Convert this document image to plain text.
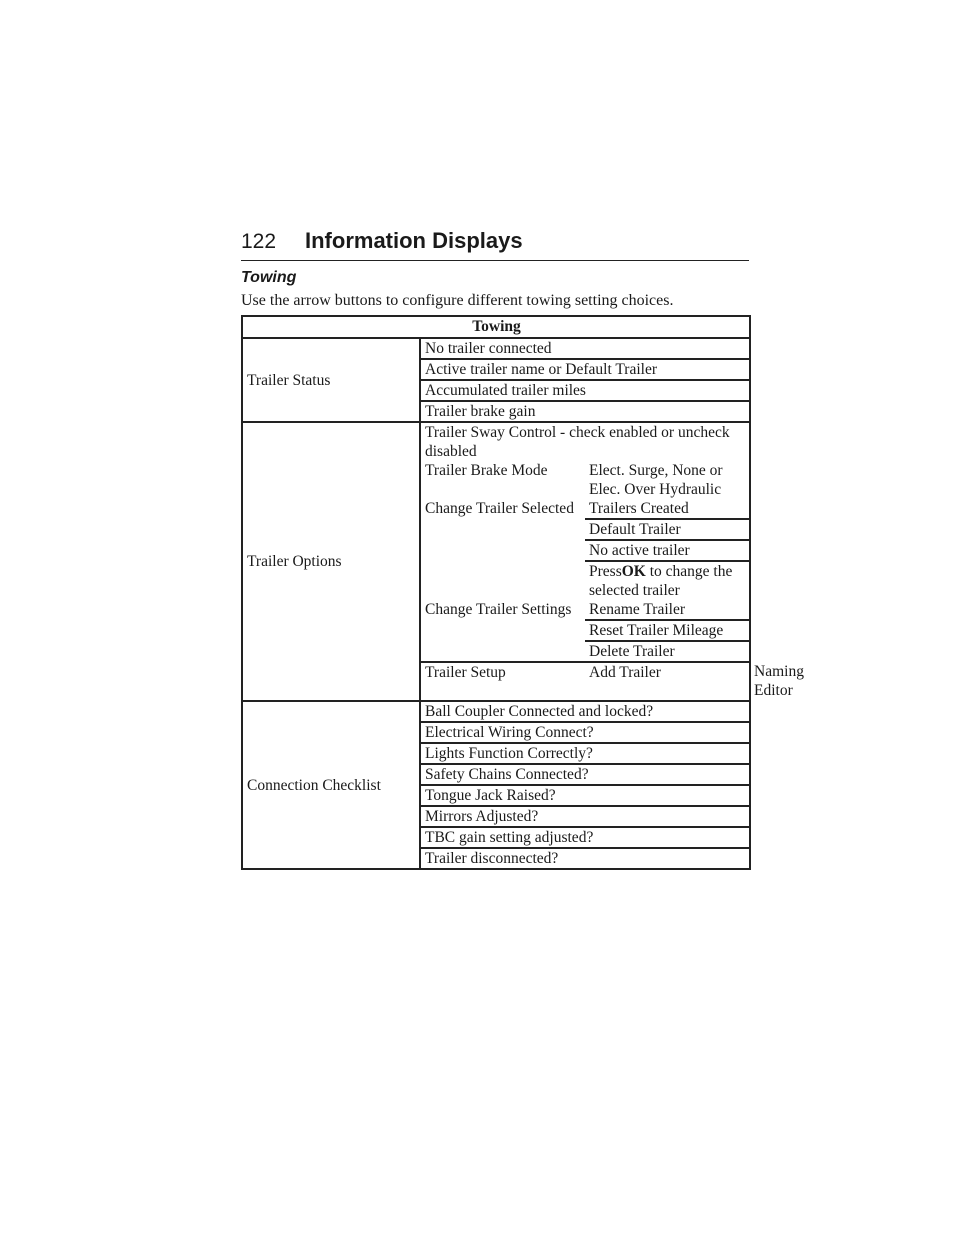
122 Information Displays
Towing
Use the arrow buttons to configure different towing setting choices.
Towing			
Trailer Status	No trailer connected		
	Active trailer name or Default Trailer		
	Accumulated trailer miles		
	Trailer brake gain		
Trailer Options	Trailer Sway Control - check enabled or uncheck disabled		
	Trailer Brake Mode	Elect. Surge, None or Elec. Over Hydraulic	
	Change Trailer Selected	Trailers Created	
		Default Trailer	
		No active trailer	
		PressOK to change the selected trailer	
	Change Trailer Settings	Rename Trailer	
		Reset Trailer Mileage	
		Delete Trailer	
	Trailer Setup	Add Trailer	Naming Editor
Connection Checklist	Ball Coupler Connected and locked?		
	Electrical Wiring Connect?		
	Lights Function Correctly?		
	Safety Chains Connected?		
	Tongue Jack Raised?		
	Mirrors Adjusted?		
	TBC gain setting adjusted?		
	Trailer disconnected?		
